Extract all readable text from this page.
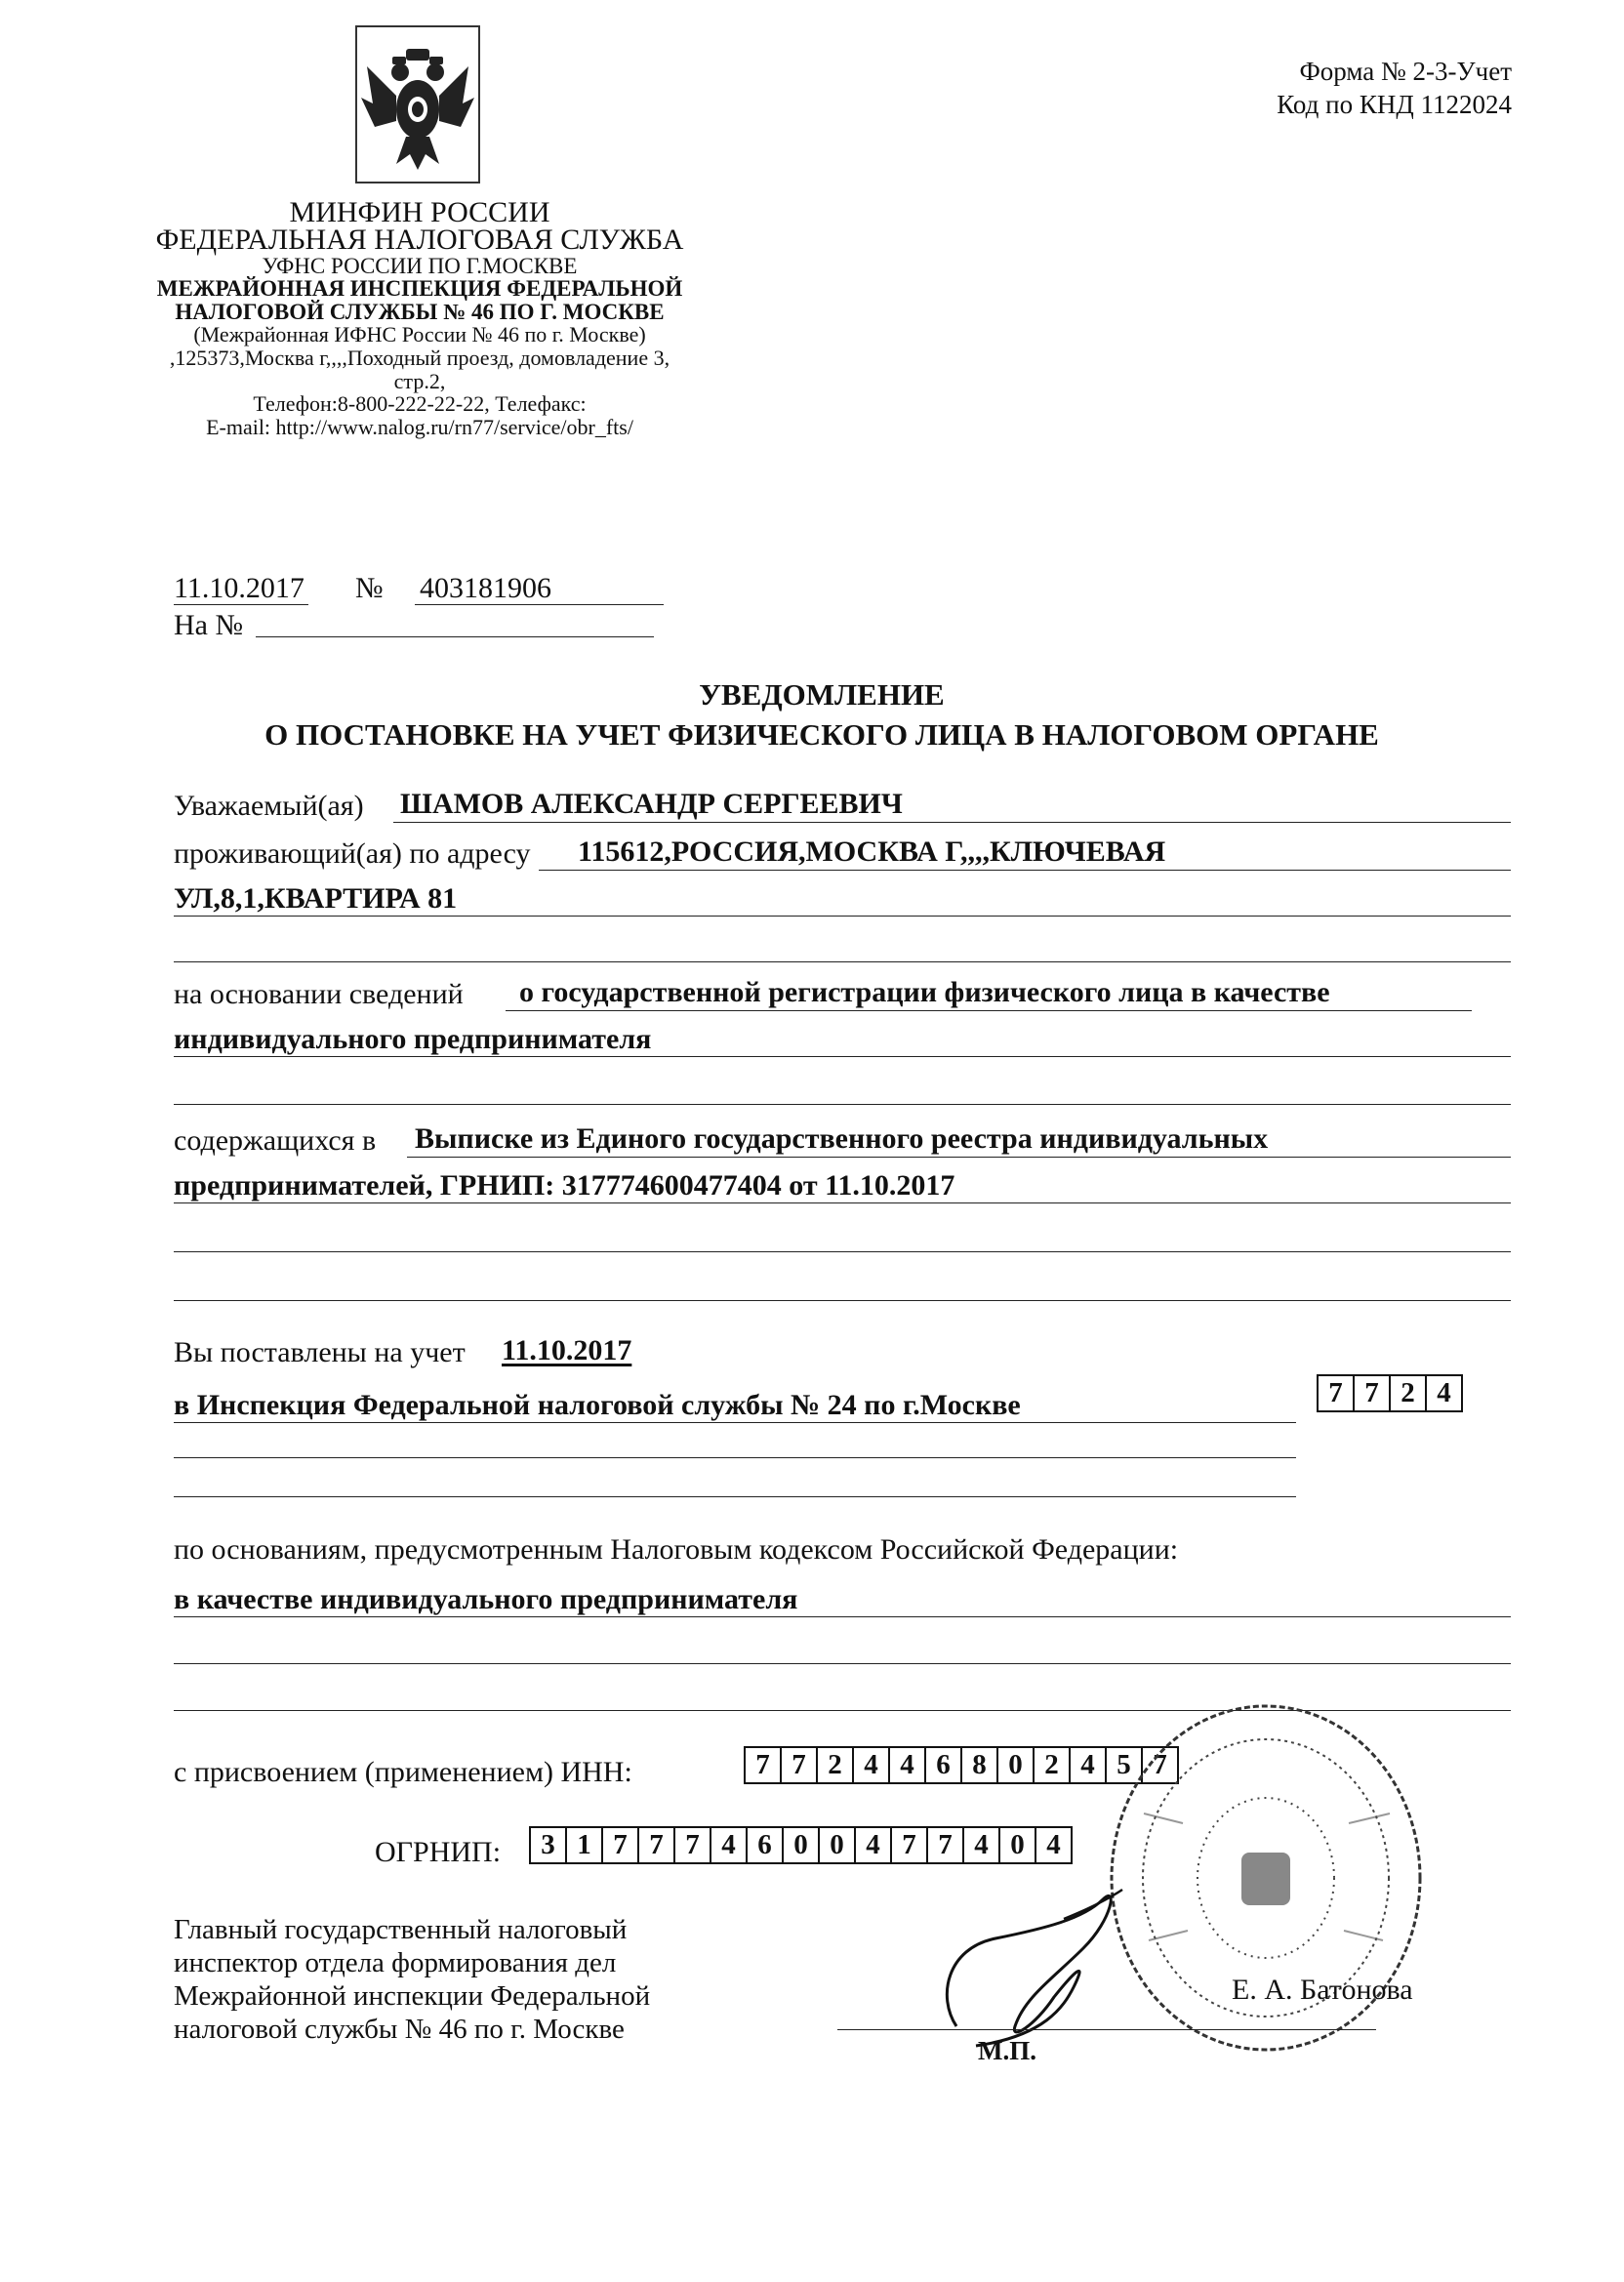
МИНФИН РОССИИ
ФЕДЕРАЛЬНАЯ НАЛОГОВАЯ СЛУЖБА
УФНС РОССИИ ПО Г.МОСКВЕ
МЕЖРАЙОННАЯ ИНСПЕКЦИЯ ФЕДЕРАЛЬНОЙ
НАЛОГОВОЙ СЛУЖБЫ № 46 ПО Г. МОСКВЕ
(Межрайонная ИФНС России № 46 по г. Москве)
,125373,Москва г,,,,Походный проезд, домовладение 3,
стр.2,
Телефон:8-800-222-22-22, Телефакс:
E-mail: http://www.nalog.ru/rn77/service/obr_fts/
Форма № 2-3-Учет
Код по КНД 1122024
11.10.2017 № 403181906
На №
УВЕДОМЛЕНИЕ
О ПОСТАНОВКЕ НА УЧЕТ ФИЗИЧЕСКОГО ЛИЦА В НАЛОГОВОМ ОРГАНЕ
Уважаемый(ая) ШАМОВ АЛЕКСАНДР СЕРГЕЕВИЧ
проживающий(ая) по адресу 115612,РОССИЯ,МОСКВА Г,,,,КЛЮЧЕВАЯ
УЛ,8,1,КВАРТИРА 81
на основании сведений о государственной регистрации физического лица в качестве
индивидуального предпринимателя
содержащихся в Выписке из Единого государственного реестра индивидуальных
предпринимателей, ГРНИП: 317774600477404 от 11.10.2017
Вы поставлены на учет 11.10.2017
в Инспекция Федеральной налоговой службы № 24 по г.Москве	7 7 2 4
по основаниям, предусмотренным Налоговым кодексом Российской Федерации:
в качестве индивидуального предпринимателя
с присвоением (применением) ИНН:	7 7 2 4 4 6 8 0 2 4 5 7
ОГРНИП:	3 1 7 7 7 4 6 0 0 4 7 7 4 0 4
Главный государственный налоговый
инспектор отдела формирования дел
Межрайонной инспекции Федеральной
налоговой службы № 46 по г. Москве
Е. А. Батонова
М.П.
